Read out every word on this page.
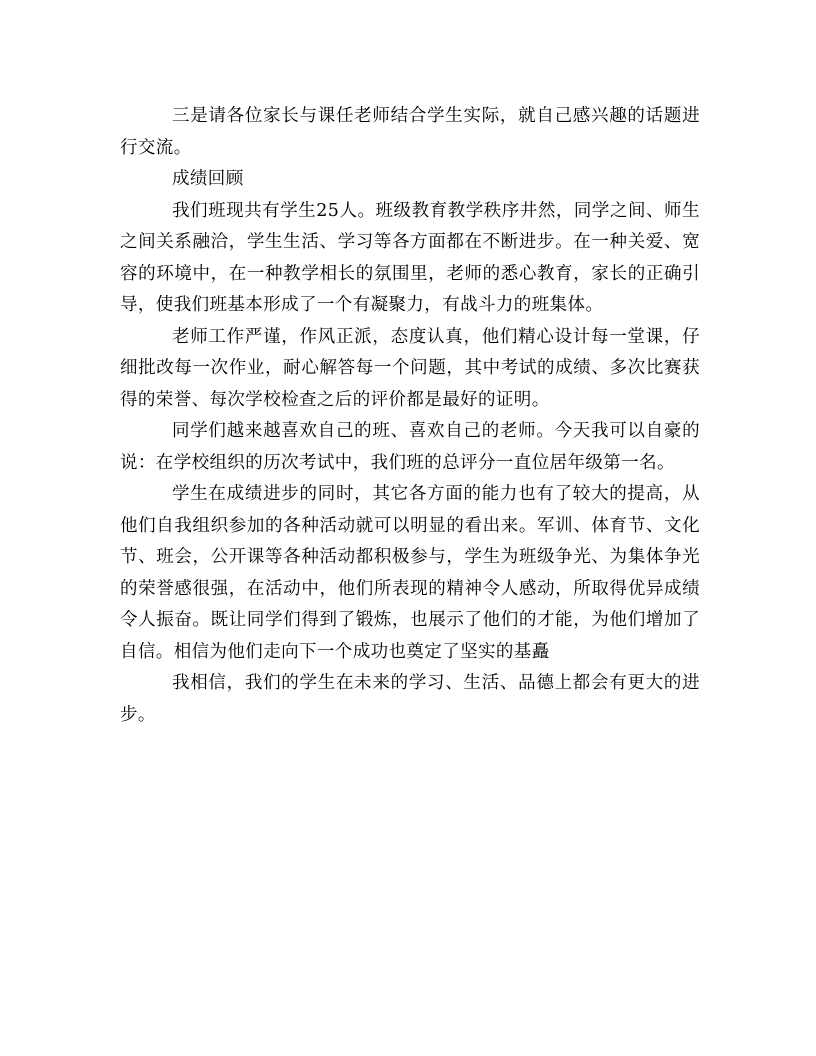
三是请各位家长与课任老师结合学生实际，就自己感兴趣的话题进行交流。

成绩回顾

我们班现共有学生25人。班级教育教学秩序井然，同学之间、师生之间关系融洽，学生生活、学习等各方面都在不断进步。在一种关爱、宽容的环境中，在一种教学相长的氛围里，老师的悉心教育，家长的正确引导，使我们班基本形成了一个有凝聚力，有战斗力的班集体。

老师工作严谨，作风正派，态度认真，他们精心设计每一堂课，仔细批改每一次作业，耐心解答每一个问题，其中考试的成绩、多次比赛获得的荣誉、每次学校检查之后的评价都是最好的证明。

同学们越来越喜欢自己的班、喜欢自己的老师。今天我可以自豪的说：在学校组织的历次考试中，我们班的总评分一直位居年级第一名。

学生在成绩进步的同时，其它各方面的能力也有了较大的提高，从他们自我组织参加的各种活动就可以明显的看出来。军训、体育节、文化节、班会，公开课等各种活动都积极参与，学生为班级争光、为集体争光的荣誉感很强，在活动中，他们所表现的精神令人感动，所取得优异成绩令人振奋。既让同学们得到了锻炼，也展示了他们的才能，为他们增加了自信。相信为他们走向下一个成功也奠定了坚实的基矗

我相信，我们的学生在未来的学习、生活、品德上都会有更大的进步。
